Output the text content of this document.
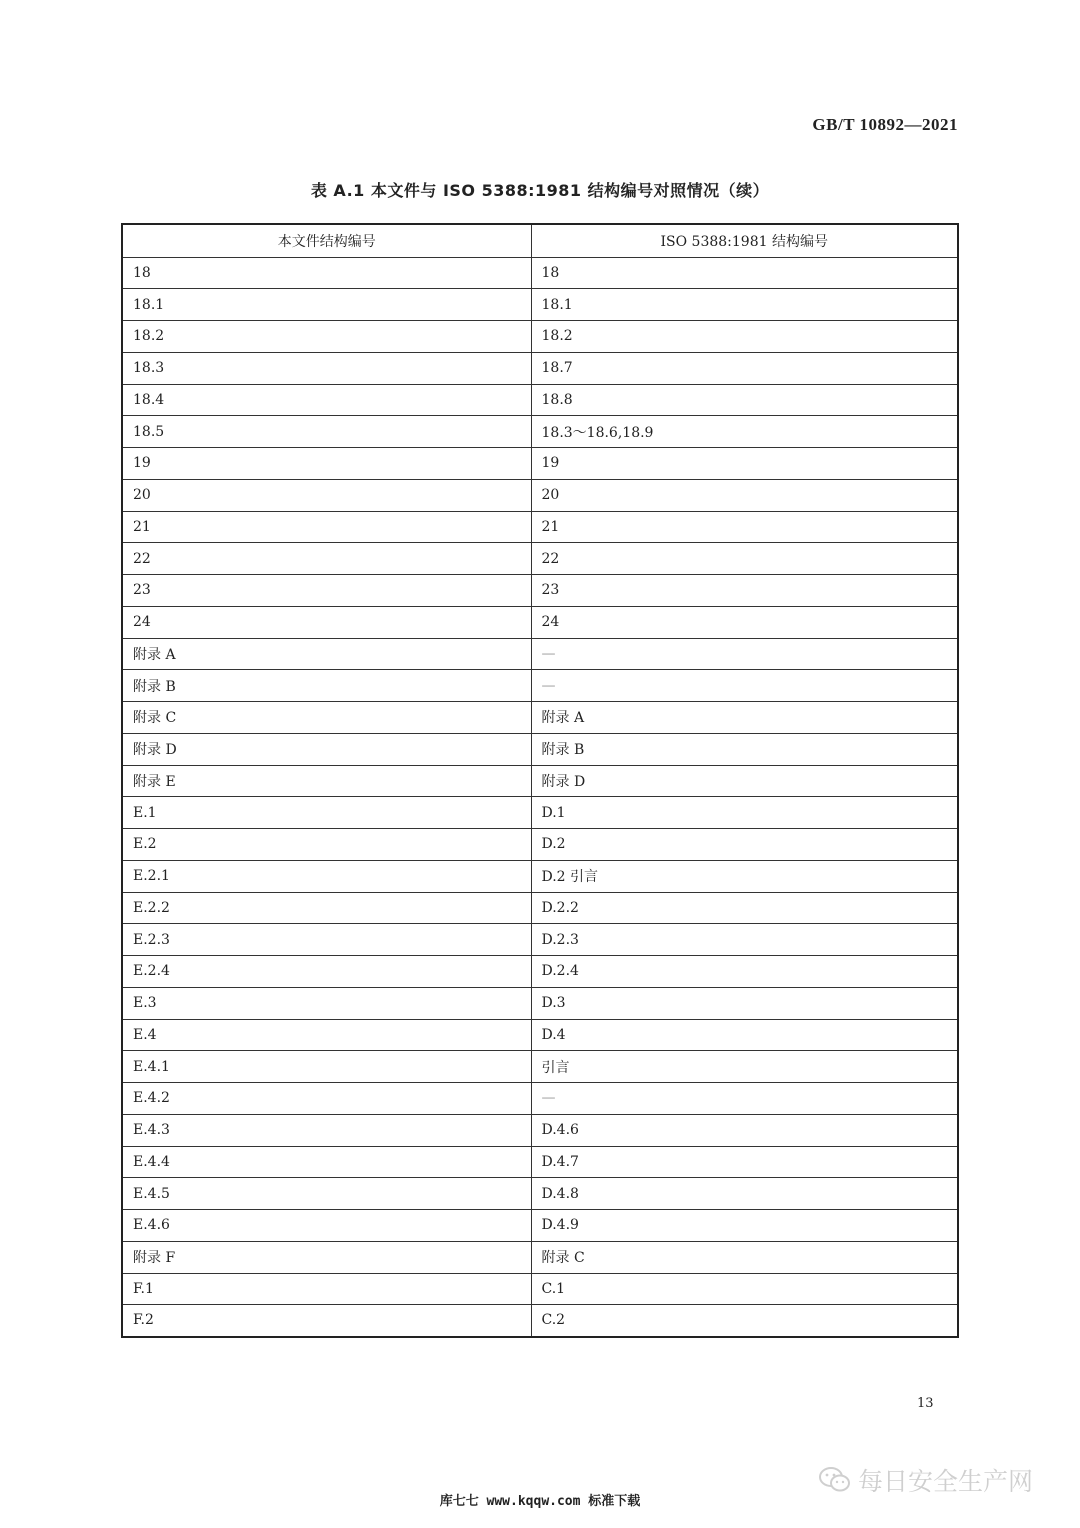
GB/T 10892—2021
表 A.1 本文件与 ISO 5388:1981 结构编号对照情况（续）
本文件结构编号	ISO 5388:1981 结构编号
18	18
18.1	18.1
18.2	18.2
18.3	18.7
18.4	18.8
18.5	18.3～18.6,18.9
19	19
20	20
21	21
22	22
23	23
24	24
附录 A	—
附录 B	—
附录 C	附录 A
附录 D	附录 B
附录 E	附录 D
E.1	D.1
E.2	D.2
E.2.1	D.2 引言
E.2.2	D.2.2
E.2.3	D.2.3
E.2.4	D.2.4
E.3	D.3
E.4	D.4
E.4.1	引言
E.4.2	—
E.4.3	D.4.6
E.4.4	D.4.7
E.4.5	D.4.8
E.4.6	D.4.9
附录 F	附录 C
F.1	C.1
F.2	C.2
13
每日安全生产网
库七七 www.kqqw.com 标准下载
